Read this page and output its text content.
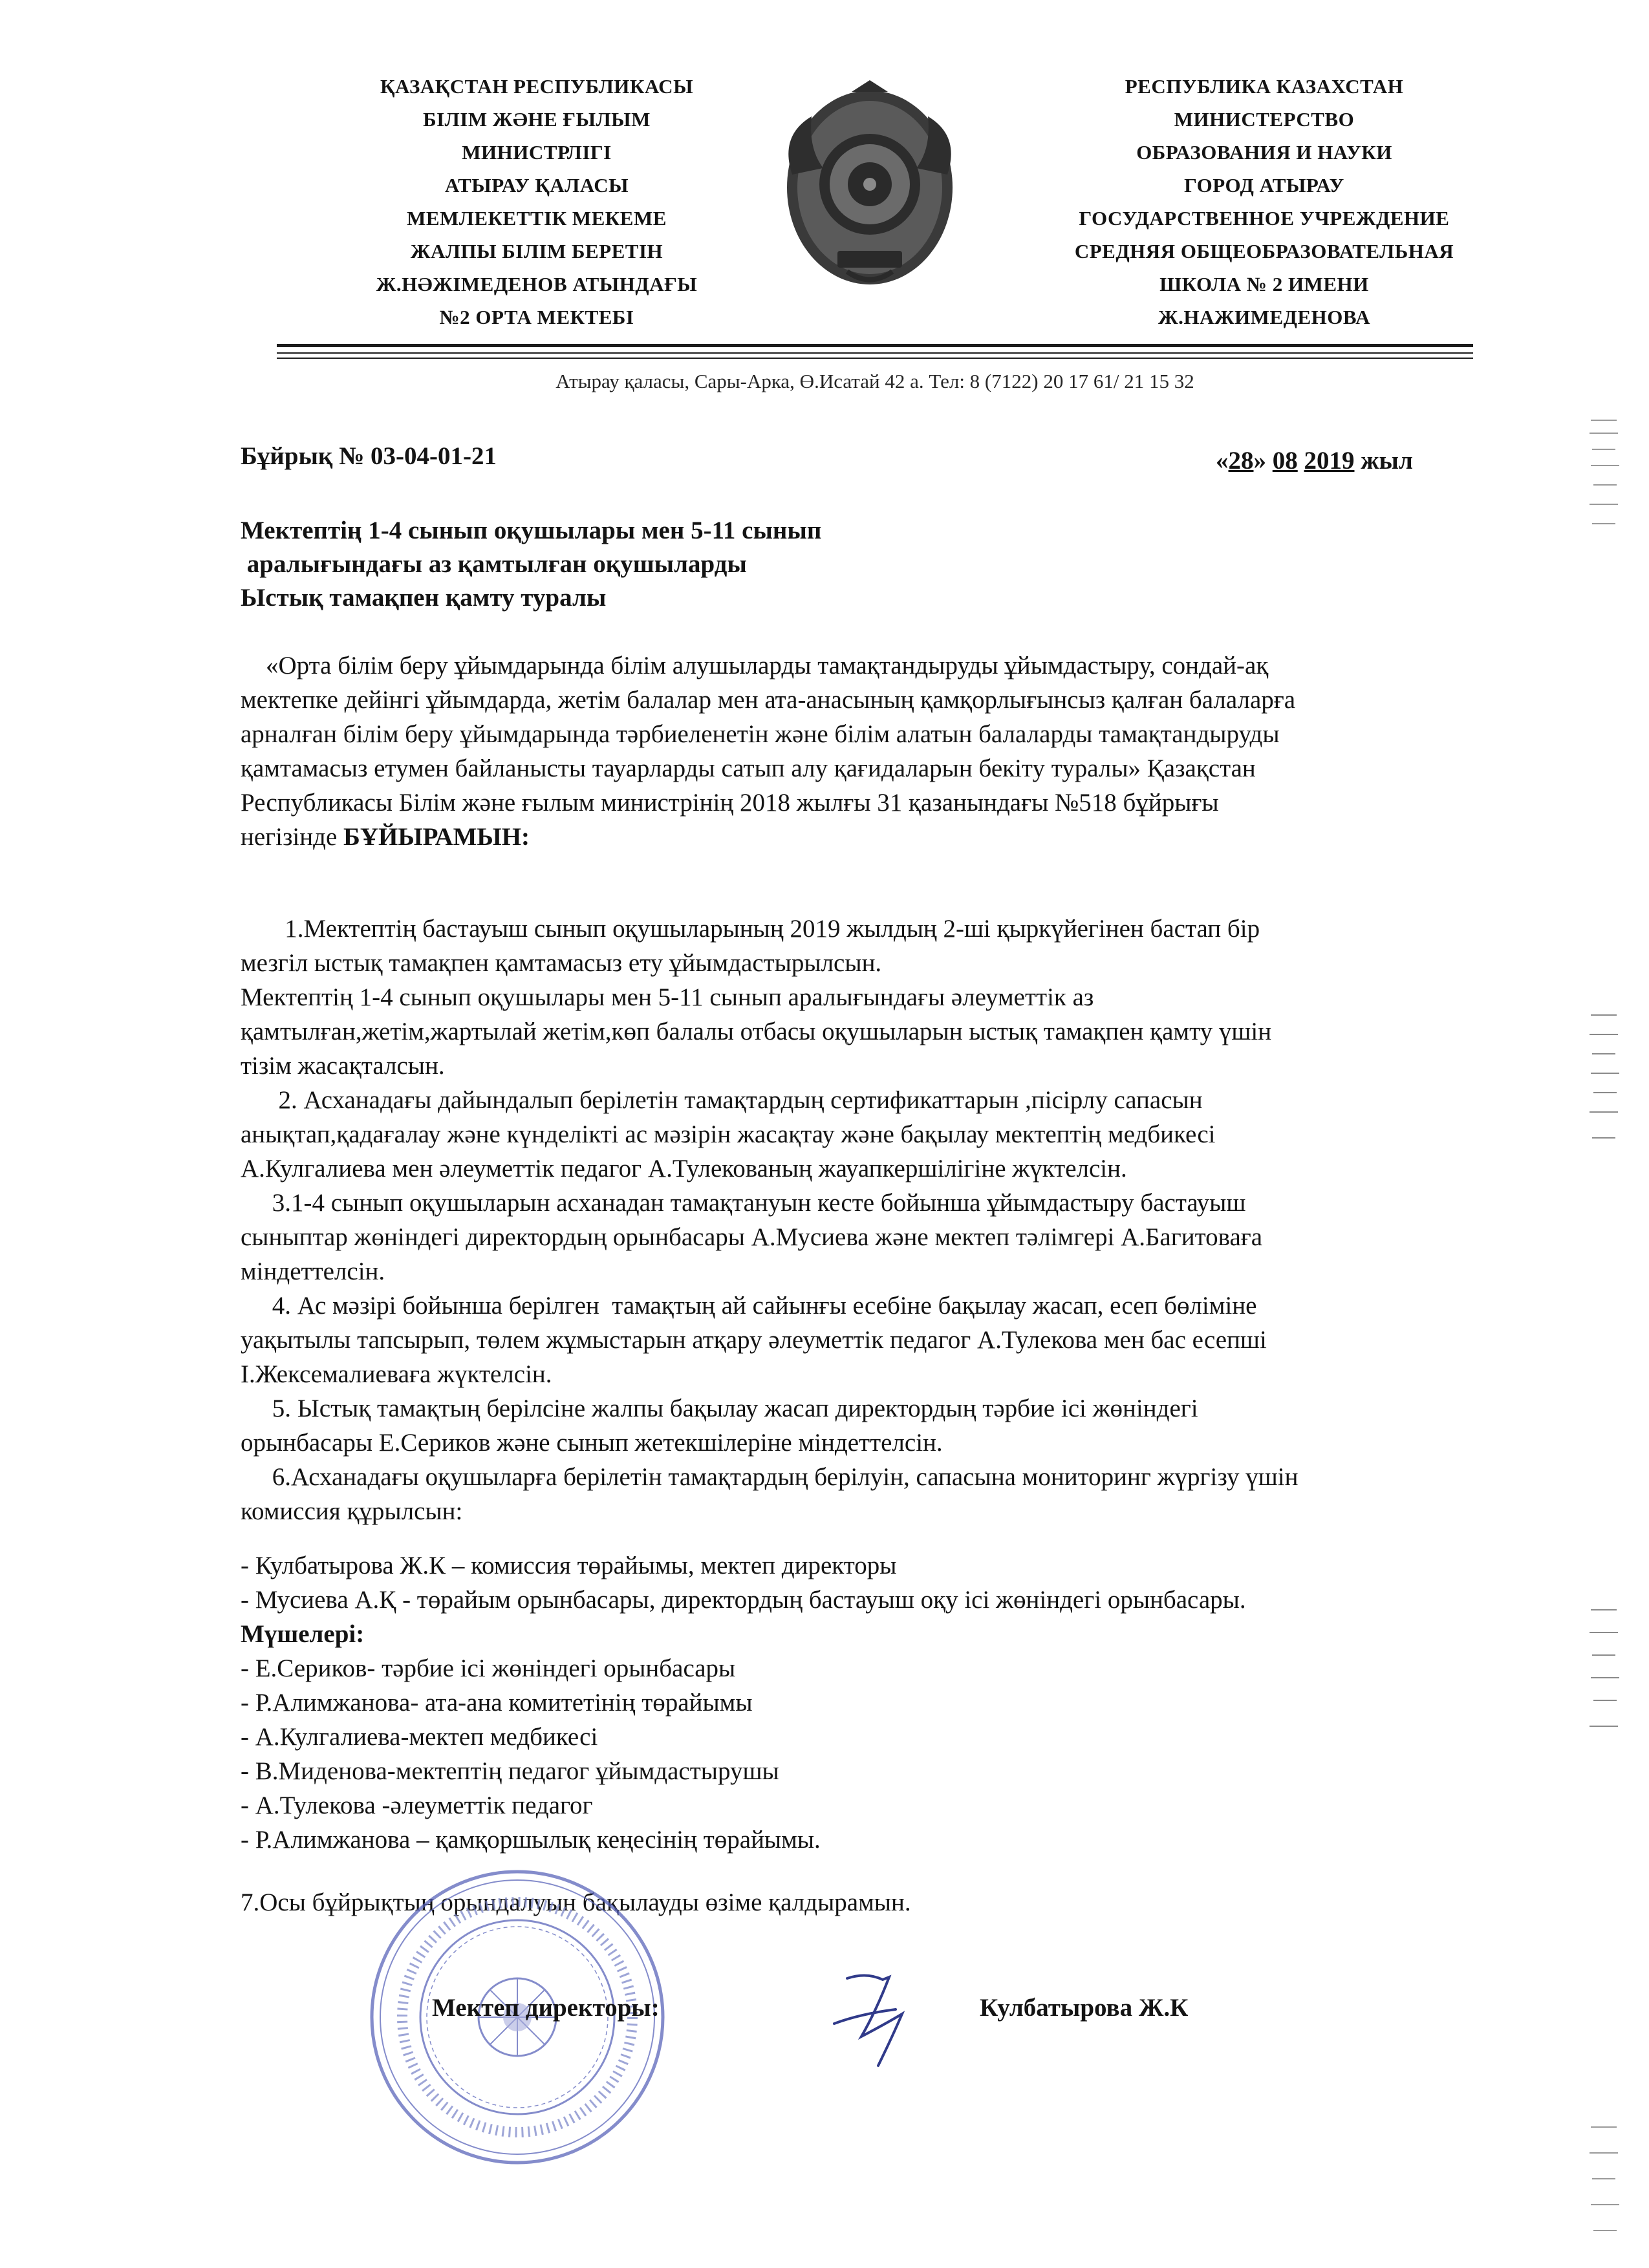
ҚАЗАҚСТАН РЕСПУБЛИКАСЫ
БІЛІМ ЖӘНЕ ҒЫЛЫМ
МИНИСТРЛІГІ
АТЫРАУ ҚАЛАСЫ
МЕМЛЕКЕТТІК МЕКЕМЕ
ЖАЛПЫ БІЛІМ БЕРЕТІН
Ж.НӘЖІМЕДЕНОВ АТЫНДАҒЫ
№2 ОРТА МЕКТЕБІ
РЕСПУБЛИКА КАЗАХСТАН
МИНИСТЕРСТВО
ОБРАЗОВАНИЯ И НАУКИ
ГОРОД АТЫРАУ
ГОСУДАРСТВЕННОЕ УЧРЕЖДЕНИЕ
СРЕДНЯЯ ОБЩЕОБРАЗОВАТЕЛЬНАЯ
ШКОЛА № 2 ИМЕНИ
Ж.НАЖИМЕДЕНОВА
Атырау қаласы, Сары-Арка, Ө.Исатай 42 а. Тел: 8 (7122) 20 17 61/ 21 15 32
Бұйрық № 03-04-01-21	«28» 08 2019 жыл
Мектептің 1-4 сынып оқушылары мен 5-11 сынып
аралығындағы аз қамтылған оқушыларды
Ыстық тамақпен қамту туралы
«Орта білім беру ұйымдарында білім алушыларды тамақтандыруды ұйымдастыру, сондай-ақ
мектепке дейінгі ұйымдарда, жетім балалар мен ата-анасының қамқорлығынсыз қалған балаларға
арналған білім беру ұйымдарында тәрбиеленетін және білім алатын балаларды тамақтандыруды
қамтамасыз етумен байланысты тауарларды сатып алу қағидаларын бекіту туралы» Қазақстан
Республикасы Білім және ғылым министрінің 2018 жылғы 31 қазанындағы №518 бұйрығы
негізінде БҰЙЫРАМЫН:
1.Мектептің бастауыш сынып оқушыларының 2019 жылдың 2-ші қыркүйегінен бастап бір
мезгіл ыстық тамақпен қамтамасыз ету ұйымдастырылсын.
Мектептің 1-4 сынып оқушылары мен 5-11 сынып аралығындағы әлеуметтік аз
қамтылған,жетім,жартылай жетім,көп балалы отбасы оқушыларын ыстық тамақпен қамту үшін
тізім жасақталсын.
2. Асханадағы дайындалып берілетін тамақтардың сертификаттарын ,пісірлу сапасын
анықтап,қадағалау және күнделікті ас мәзірін жасақтау және бақылау мектептің медбикесі
А.Кулгалиева мен әлеуметтік педагог А.Тулекованың жауапкершілігіне жүктелсін.
3.1-4 сынып оқушыларын асханадан тамақтануын кесте бойынша ұйымдастыру бастауыш
сыныптар жөніндегі директордың орынбасары А.Мусиева және мектеп тәлімгері А.Багитоваға
міндеттелсін.
4. Ас мәзірі бойынша берілген  тамақтың ай сайынғы есебіне бақылау жасап, есеп бөліміне
уақытылы тапсырып, төлем жұмыстарын атқару әлеуметтік педагог А.Тулекова мен бас есепші
І.Жексемалиеваға жүктелсін.
5. Ыстық тамақтың берілсіне жалпы бақылау жасап директордың тәрбие ісі жөніндегі
орынбасары Е.Сериков және сынып жетекшілеріне міндеттелсін.
6.Асханадағы оқушыларға берілетін тамақтардың берілуін, сапасына мониторинг жүргізу үшін
комиссия құрылсын:
- Кулбатырова Ж.К – комиссия төрайымы, мектеп директоры
- Мусиева А.Қ - төрайым орынбасары, директордың бастауыш оқу ісі жөніндегі орынбасары.
Мүшелері:
- Е.Сериков- тәрбие ісі жөніндегі орынбасары
- Р.Алимжанова- ата-ана комитетінің төрайымы
- А.Кулгалиева-мектеп медбикесі
- В.Миденова-мектептің педагог ұйымдастырушы
- А.Тулекова -әлеуметтік педагог
- Р.Алимжанова – қамқоршылық кеңесінің төрайымы.
7.Осы бұйрықтың орындалуын бақылауды өзіме қалдырамын.
Мектеп директоры:	Кулбатырова Ж.К
